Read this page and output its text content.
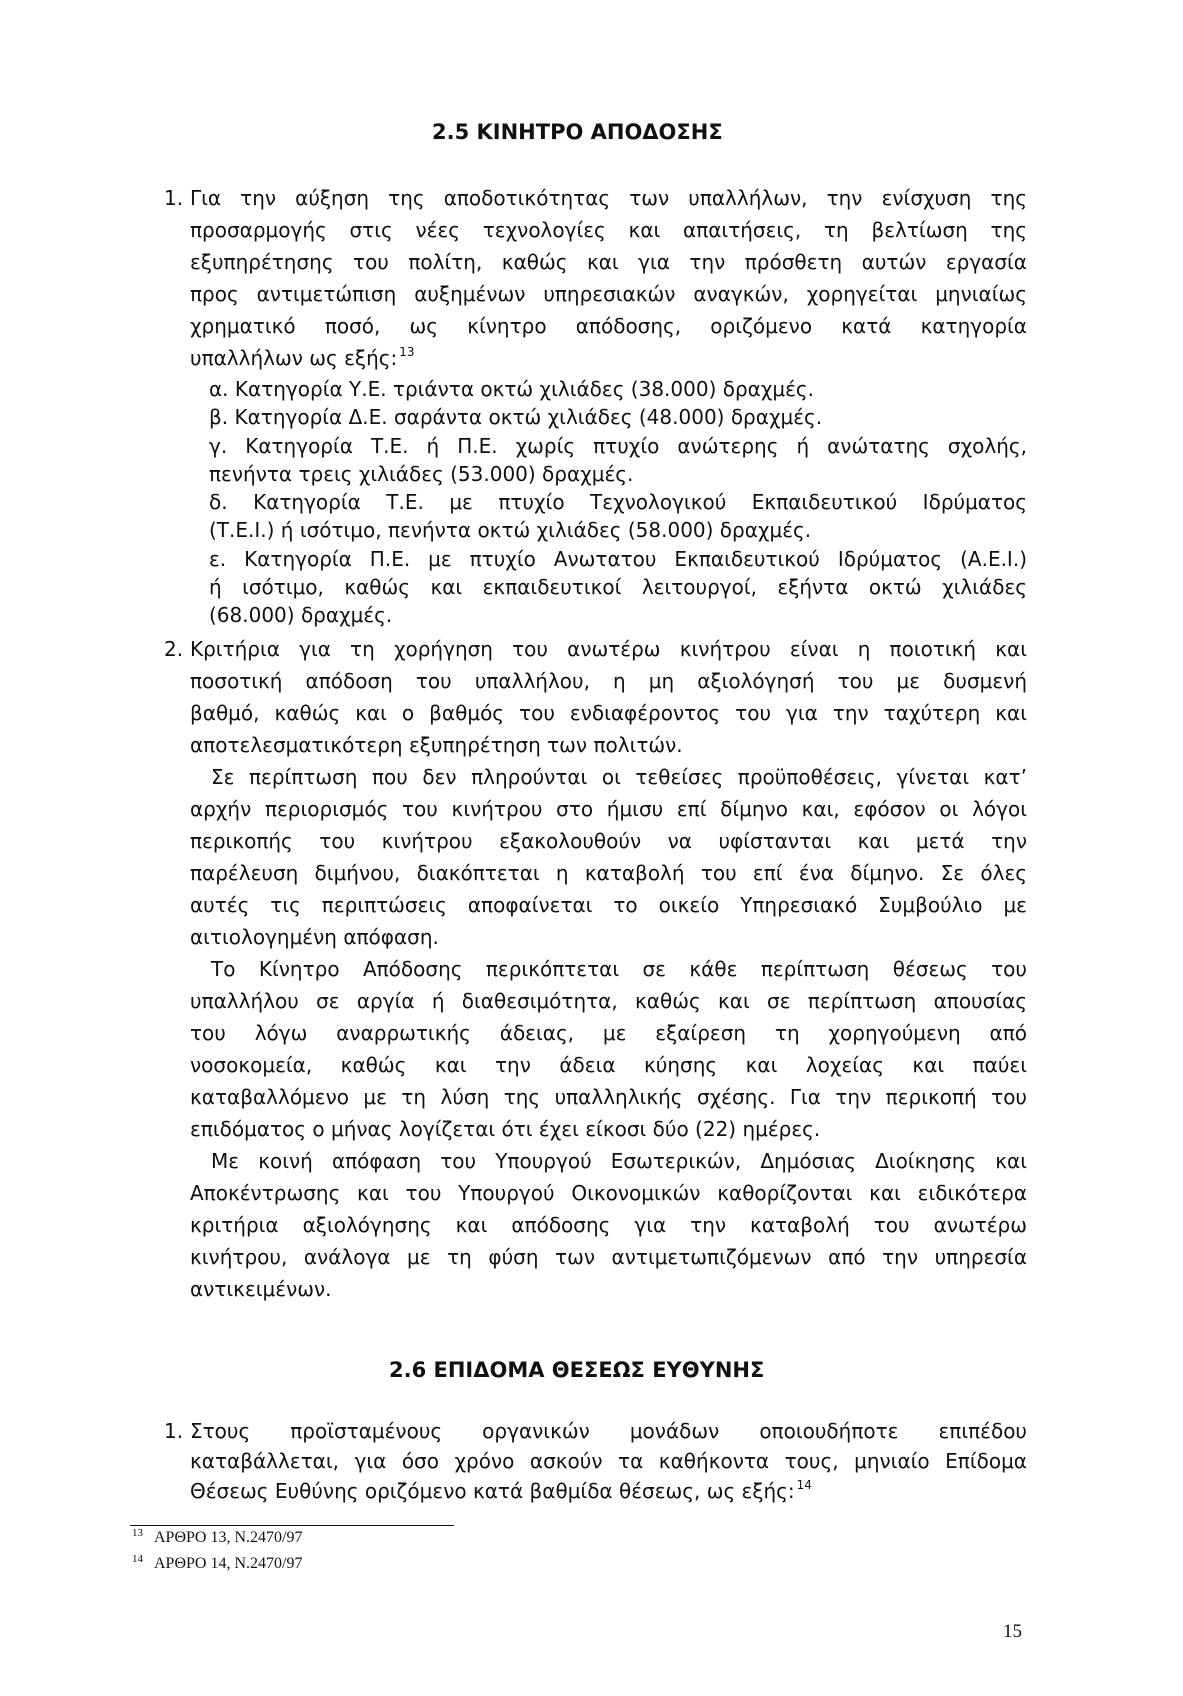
2.5 ΚΙΝΗΤΡΟ ΑΠΟΔΟΣΗΣ
1. Για την αύξηση της αποδοτικότητας των υπαλλήλων, την ενίσχυση της
προσαρμογής στις νέες τεχνολογίες και απαιτήσεις, τη βελτίωση της
εξυπηρέτησης του πολίτη, καθώς και για την πρόσθετη αυτών εργασία
προς αντιμετώπιση αυξημένων υπηρεσιακών αναγκών, χορηγείται μηνιαίως
χρηματικό ποσό, ως κίνητρο απόδοσης, οριζόμενο κατά κατηγορία
υπαλλήλων ως εξής: $^{13}$
α. Κατηγορία Υ.Ε. τριάντα οκτώ χιλιάδες (38.000) δραχμές.
β. Κατηγορία Δ.Ε. σαράντα οκτώ χιλιάδες (48.000) δραχμές.
γ. Κατηγορία Τ.Ε. ή Π.Ε. χωρίς πτυχίο ανώτερης ή ανώτατης σχολής,
πενήντα τρεις χιλιάδες (53.000) δραχμές.
δ. Κατηγορία Τ.Ε. με πτυχίο Τεχνολογικού Εκπαιδευτικού Ιδρύματος
(Τ.Ε.Ι.) ή ισότιμο, πενήντα οκτώ χιλιάδες (58.000) δραχμές.
ε. Κατηγορία Π.Ε. με πτυχίο Ανωτατου Εκπαιδευτικού Ιδρύματος (Α.Ε.Ι.)
ή ισότιμο, καθώς και εκπαιδευτικοί λειτουργοί, εξήντα οκτώ χιλιάδες
(68.000) δραχμές.
2. Κριτήρια για τη χορήγηση του ανωτέρω κινήτρου είναι η ποιοτική και
ποσοτική απόδοση του υπαλλήλου, η μη αξιολόγησή του με δυσμενή
βαθμό, καθώς και ο βαθμός του ενδιαφέροντος του για την ταχύτερη και
αποτελεσματικότερη εξυπηρέτηση των πολιτών.
Σε περίπτωση που δεν πληρούνται οι τεθείσες προϋποθέσεις, γίνεται κατ’
αρχήν περιορισμός του κινήτρου στο ήμισυ επί δίμηνο και, εφόσον οι λόγοι
περικοπής του κινήτρου εξακολουθούν να υφίστανται και μετά την
παρέλευση διμήνου, διακόπτεται η καταβολή του επί ένα δίμηνο. Σε όλες
αυτές τις περιπτώσεις αποφαίνεται το οικείο Υπηρεσιακό Συμβούλιο με
αιτιολογημένη απόφαση.
Το Κίνητρο Απόδοσης περικόπτεται σε κάθε περίπτωση θέσεως του
υπαλλήλου σε αργία ή διαθεσιμότητα, καθώς και σε περίπτωση απουσίας
του λόγω αναρρωτικής άδειας, με εξαίρεση τη χορηγούμενη από
νοσοκομεία, καθώς και την άδεια κύησης και λοχείας και παύει
καταβαλλόμενο με τη λύση της υπαλληλικής σχέσης. Για την περικοπή του
επιδόματος ο μήνας λογίζεται ότι έχει είκοσι δύο (22) ημέρες.
Με κοινή απόφαση του Υπουργού Εσωτερικών, Δημόσιας Διοίκησης και
Αποκέντρωσης και του Υπουργού Οικονομικών καθορίζονται και ειδικότερα
κριτήρια αξιολόγησης και απόδοσης για την καταβολή του ανωτέρω
κινήτρου, ανάλογα με τη φύση των αντιμετωπιζόμενων από την υπηρεσία
αντικειμένων.
2.6 ΕΠΙΔΟΜΑ ΘΕΣΕΩΣ ΕΥΘΥΝΗΣ
1. Στους προϊσταμένους οργανικών μονάδων οποιουδήποτε επιπέδου
καταβάλλεται, για όσο χρόνο ασκούν τα καθήκοντα τους, μηνιαίο Επίδομα
Θέσεως Ευθύνης οριζόμενο κατά βαθμίδα θέσεως, ως εξής: $^{14}$
13 ΑΡΘΡΟ 13, Ν.2470/97
14 ΑΡΘΡΟ 14, Ν.2470/97
15
